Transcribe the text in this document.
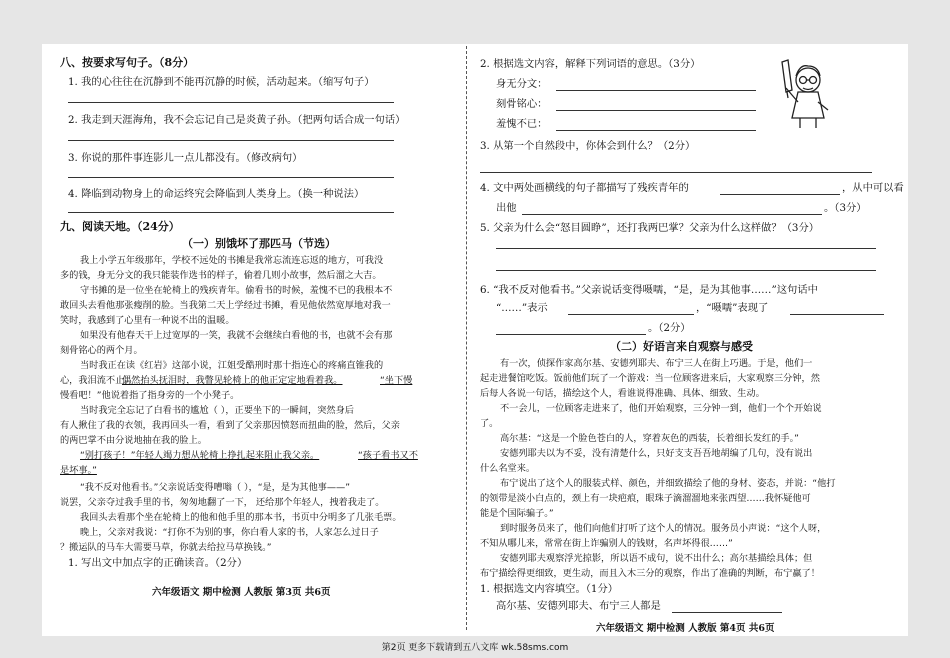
八、按要求写句子。（8分）
1. 我的心往往在沉静到不能再沉静的时候，活动起来。（缩写句子）
2. 我走到天涯海角，我不会忘记自己是炎黄子孙。（把两句话合成一句话）
3. 你说的那件事连影儿一点儿都没有。（修改病句）
4. 降临到动物身上的命运终究会降临到人类身上。（换一种说法）
九、阅读天地。（24分）
（一）别饿坏了那匹马（节选）
我上小学五年级那年，学校不远处的书摊是我常忘流连忘返的地方，可我没
多的钱，身无分文的我只能装作选书的样子，偷着几则小故事，然后溜之大吉。
守书摊的是一位坐在轮椅上的残疾青年。偷看书的时候，羞愧不已的我根本不
敢回头去看他那张瘦削的脸。当我第二天上学经过书摊，看见他依然宽厚地对我一
笑时，我感到了心里有一种说不出的温暖。
如果没有他春天干上过宽厚的一笑，我就不会继续白看他的书，也就不会有那
刻骨铭心的两个月。
当时我正在读《红岩》这部小说，江姐受酷刑时那十指连心的疼痛直锥我的
心，我泪流不止。
偶然抬头抚泪时，我瞥见轮椅上的他正定定地看着我。	“坐下慢
慢看吧！”他说着指了指身旁的一个小凳子。
当时我完全忘记了白看书的尴尬（ ），正要坐下的一瞬间，突然身后
有人揪住了我的衣领，我再回头一看，看到了父亲那因愤怒而扭曲的脸，然后，父亲
的两巴掌不由分说地抽在我的脸上。
“别打孩子！”年轻人竭力想从轮椅上挣扎起来阻止我父亲。	“孩子看书又不
是坏事。”
“我不反对他看书。”父亲说话变得嘈嗡（ ），“是，是为其他事——”
说罢，父亲夺过我手里的书，匆匆地翻了一下， 还给那个年轻人，拽着我走了。
我回头去看那个坐在轮椅上的他和他手里的那本书，书页中分明多了几张毛票。
晚上，父亲对我说：“打你不为别的事，你白看人家的书，人家怎么过日子
？搬运队的马车大需要马草，你就去给拉马草换钱。”
1. 写出文中加点字的正确读音。（2分）
六年级语文 期中检测 人教版 第3页 共6页
2. 根据选文内容，解释下列词语的意思。（3分）
身无分文：
刻骨铭心：
羞愧不已：
3. 从第一个自然段中，你体会到什么？（2分）
4. 文中两处画横线的句子都描写了残疾青年的	，从中可以看
出他	。（3分）
5. 父亲为什么会“怒目圆睁”，还打我两巴掌？父亲为什么这样做？（3分）
6. “我不反对他看书。”父亲说话变得嗫嚅，“是，是为其他事……”这句话中
“……”表示	，“嗫嚅”表现了
。（2分）
（二）好语言来自观察与感受
有一次，侦探作家高尔基、安德列耶夫、布宁三人在街上巧遇。于是，他们一
起走进餐馆吃饭。饭前他们玩了一个游戏：当一位顾客进来后，大家观察三分钟，然
后每人各说一句话，描绘这个人，看谁说得准确、具体、细致、生动。
不一会儿，一位顾客走进来了，他们开始观察，三分钟一到，他们一个个开始说
了。
高尔基：“这是一个脸色苍白的人，穿着灰色的西装，长着细长发红的手。”
安德列耶夫以为不妥，没有清楚什么，只好支支吾吾地胡编了几句，没有说出
什么名堂来。
布宁说出了这个人的服装式样、颜色，并细致描绘了他的身材、姿态，并说：“他打
的领带是淡小白点的，颈上有一块疤痕，眼珠子滴溜溜地来张西望……我怀疑他可
能是个国际骗子。”
到时服务员来了，他们向他们打听了这个人的情况。服务员小声说：“这个人呀，
不知从哪儿来，常常在街上诈骗别人的钱财，名声坏得很……”
安德列耶夫观察浮光掠影，所以语不成句，说不出什么；高尔基描绘具体；但
布宁描绘得更细致，更生动，而且入木三分的观察，作出了准确的判断，布宁赢了！
1. 根据选文内容填空。（1分）
高尔基、安德列耶夫、布宁三人都是
六年级语文 期中检测 人教版 第4页 共6页
第2页 更多下载请到五八文库 wk.58sms.com
